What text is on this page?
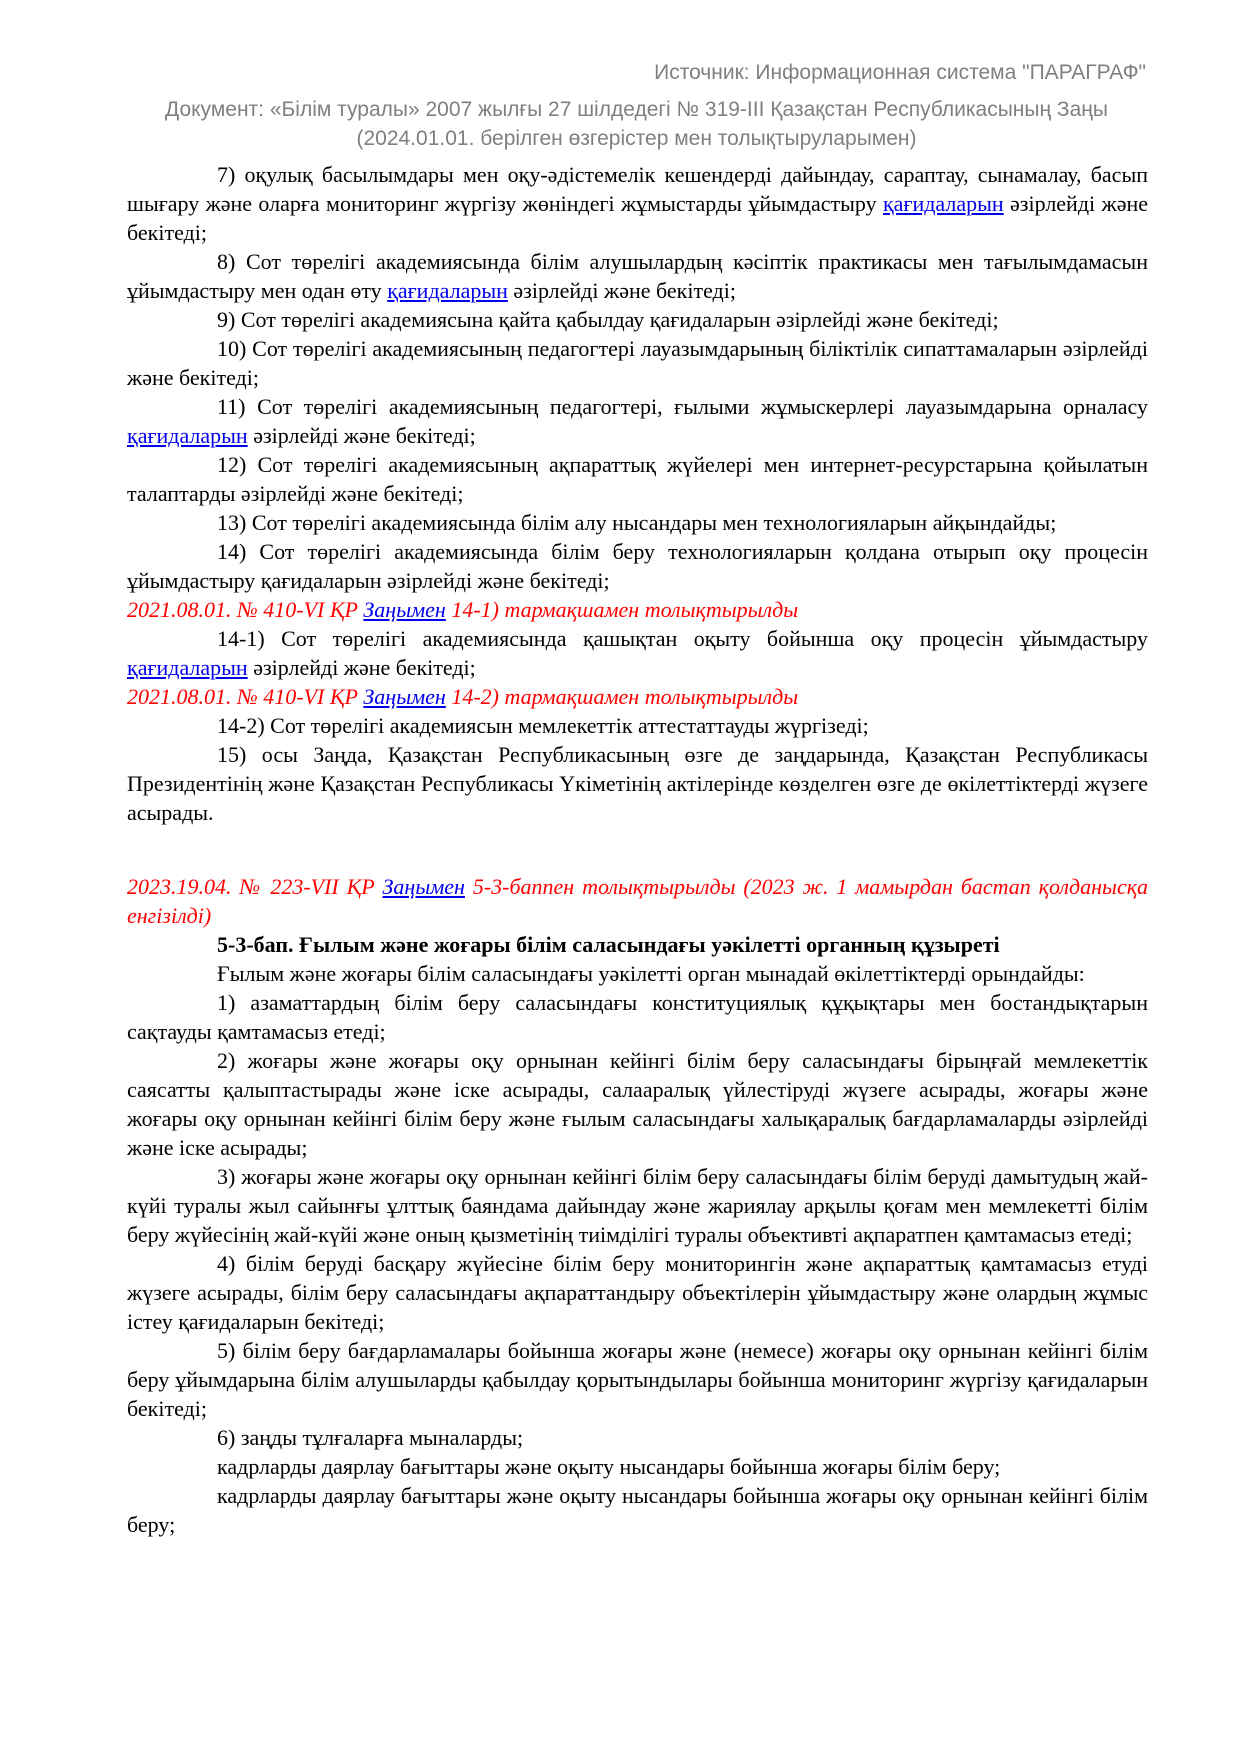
Источник: Информационная система "ПАРАГРАФ"
Документ: «Білім туралы» 2007 жылғы 27 шілдедегі № 319-III Қазақстан Республикасының Заңы
(2024.01.01. берілген өзгерістер мен толықтыруларымен)
7) оқулық басылымдары мен оқу-әдістемелік кешендерді дайындау, сараптау, сынамалау, басып шығару және оларға мониторинг жүргізу жөніндегі жұмыстарды ұйымдастыру қағидаларын әзірлейді және бекітеді;
8) Сот төрелігі академиясында білім алушылардың кәсіптік практикасы мен тағылымдамасын ұйымдастыру мен одан өту қағидаларын әзірлейді және бекітеді;
9) Сот төрелігі академиясына қайта қабылдау қағидаларын әзірлейді және бекітеді;
10) Сот төрелігі академиясының педагогтері лауазымдарының біліктілік сипаттамаларын әзірлейді және бекітеді;
11) Сот төрелігі академиясының педагогтері, ғылыми жұмыскерлері лауазымдарына орналасу қағидаларын әзірлейді және бекітеді;
12) Сот төрелігі академиясының ақпараттық жүйелері мен интернет-ресурстарына қойылатын талаптарды әзірлейді және бекітеді;
13) Сот төрелігі академиясында білім алу нысандары мен технологияларын айқындайды;
14) Сот төрелігі академиясында білім беру технологияларын қолдана отырып оқу процесін ұйымдастыру қағидаларын әзірлейді және бекітеді;
2021.08.01. № 410-VI ҚР Заңымен 14-1) тармақшамен толықтырылды
14-1) Сот төрелігі академиясында қашықтан оқыту бойынша оқу процесін ұйымдастыру қағидаларын әзірлейді және бекітеді;
2021.08.01. № 410-VI ҚР Заңымен 14-2) тармақшамен толықтырылды
14-2) Сот төрелігі академиясын мемлекеттік аттестаттауды жүргізеді;
15) осы Заңда, Қазақстан Республикасының өзге де заңдарында, Қазақстан Республикасы Президентінің және Қазақстан Республикасы Үкіметінің актілерінде көзделген өзге де өкілеттіктерді жүзеге асырады.
2023.19.04. № 223-VII ҚР Заңымен 5-3-баппен толықтырылды (2023 ж. 1 мамырдан бастап қолданысқа енгізілді)
5-3-бап. Ғылым және жоғары білім саласындағы уәкілетті органның құзыреті
Ғылым және жоғары білім саласындағы уәкілетті орган мынадай өкілеттіктерді орындайды:
1) азаматтардың білім беру саласындағы конституциялық құқықтары мен бостандықтарын сақтауды қамтамасыз етеді;
2) жоғары және жоғары оқу орнынан кейінгі білім беру саласындағы бірыңғай мемлекеттік саясатты қалыптастырады және іске асырады, салааралық үйлестіруді жүзеге асырады, жоғары және жоғары оқу орнынан кейінгі білім беру және ғылым саласындағы халықаралық бағдарламаларды әзірлейді және іске асырады;
3) жоғары және жоғары оқу орнынан кейінгі білім беру саласындағы білім беруді дамытудың жай-күйі туралы жыл сайынғы ұлттық баяндама дайындау және жариялау арқылы қоғам мен мемлекетті білім беру жүйесінің жай-күйі және оның қызметінің тиімділігі туралы объективті ақпаратпен қамтамасыз етеді;
4) білім беруді басқару жүйесіне білім беру мониторингін және ақпараттық қамтамасыз етуді жүзеге асырады, білім беру саласындағы ақпараттандыру объектілерін ұйымдастыру және олардың жұмыс істеу қағидаларын бекітеді;
5) білім беру бағдарламалары бойынша жоғары және (немесе) жоғары оқу орнынан кейінгі білім беру ұйымдарына білім алушыларды қабылдау қорытындылары бойынша мониторинг жүргізу қағидаларын бекітеді;
6) заңды тұлғаларға мыналарды;
кадрларды даярлау бағыттары және оқыту нысандары бойынша жоғары білім беру;
кадрларды даярлау бағыттары және оқыту нысандары бойынша жоғары оқу орнынан кейінгі білім беру;
